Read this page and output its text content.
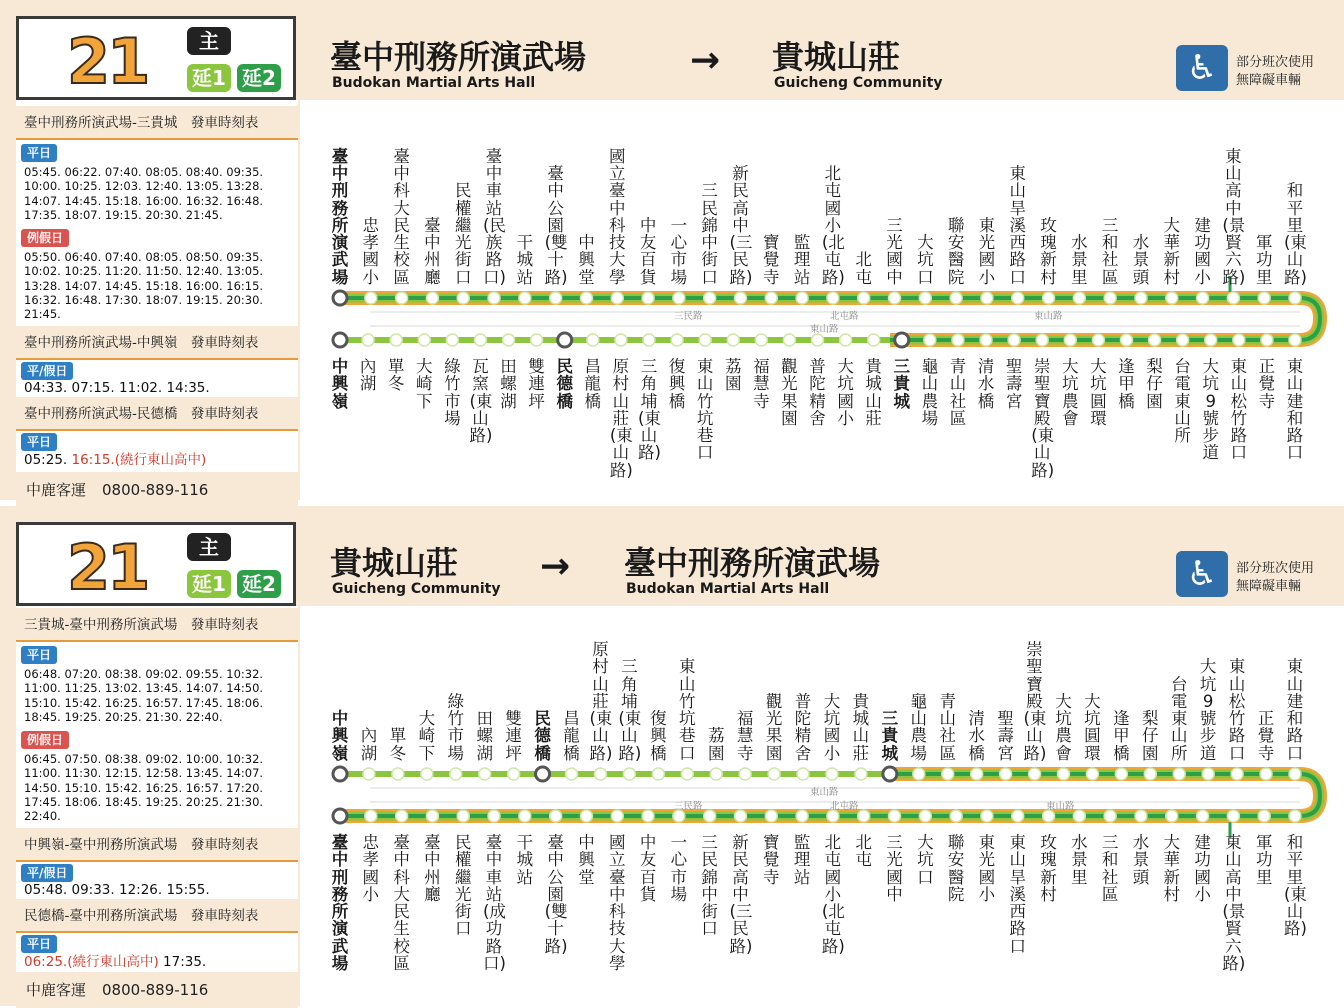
21	主
延1 延2
臺中刑務所演武場
Budokan Martial Arts Hall
→ 貴城山莊
Guicheng Community	♿	部分班次使用
無障礙車輛
臺中刑務所演武場-三貴城　發車時刻表
平日
05:45. 06:22. 07:40. 08:05. 08:40. 09:35.
10:00. 10:25. 12:03. 12:40. 13:05. 13:28.
14:07. 14:45. 15:18. 16:00. 16:32. 16:48.
17:35. 18:07. 19:15. 20:30. 21:45.
例假日
05:50. 06:40. 07:40. 08:05. 08:50. 09:35.
10:02. 10:25. 11:20. 11:50. 12:40. 13:05.
13:28. 14:07. 14:45. 15:18. 16:00. 16:15.
16:32. 16:48. 17:30. 18:07. 19:15. 20:30.
21:45.
臺中刑務所演武場-中興嶺　發車時刻表
平/假日
04:33. 07:15. 11:02. 14:35.
臺中刑務所演武場-民德橋　發車時刻表
平日
05:25. 16:15.(繞行東山高中)
中鹿客運 0800-889-116
三民路	北屯路
東山路
東山路
臺中刑務所演武場
忠孝國小
臺中科大民生校區
臺中州廳
民權繼光街口
臺中車站(民族路口)
干城站
臺中公園(雙十路)
中興堂
國立臺中科技大學
中友百貨
一心市場
三民錦中街口
新民高中(三民路)
寶覺寺
監理站
北屯國小(北屯路)
北屯
三光國中
大坑口
聯安醫院
東光國小
東山旱溪西路口
玫瑰新村
水景里
三和社區
水景頭
大華新村
建功國小
東山高中(景賢六路)
軍功里
和平里(東山路)
中興嶺
內湖
單冬
大崎下
綠竹市場
瓦窯(東山路)
田螺湖
雙連坪
民德橋
昌龍橋
原村山莊(東山路)
三角埔(東山路)
復興橋
東山竹坑巷口
荔園
福慧寺
觀光果園
普陀精舍
大坑國小
貴城山莊
三貴城
龜山農場
青山社區
清水橋
聖壽宮
崇聖寶殿(東山路)
大坑農會
大坑圓環
逢甲橋
梨仔園
台電東山所
大坑9號步道
東山松竹路口
正覺寺
東山建和路口
21	主
延1 延2
貴城山莊
Guicheng Community
→ 臺中刑務所演武場
Budokan Martial Arts Hall	♿	部分班次使用
無障礙車輛
三貴城-臺中刑務所演武場　發車時刻表
平日
06:48. 07:20. 08:38. 09:02. 09:55. 10:32.
11:00. 11:25. 13:02. 13:45. 14:07. 14:50.
15:10. 15:42. 16:25. 16:57. 17:45. 18:06.
18:45. 19:25. 20:25. 21:30. 22:40.
例假日
06:45. 07:50. 08:38. 09:02. 10:00. 10:32.
11:00. 11:30. 12:15. 12:58. 13:45. 14:07.
14:50. 15:10. 15:42. 16:25. 16:57. 17:20.
17:45. 18:06. 18:45. 19:25. 20:25. 21:30.
22:40.
中興嶺-臺中刑務所演武場　發車時刻表
平/假日
05:48. 09:33. 12:26. 15:55.
民德橋-臺中刑務所演武場　發車時刻表
平日
06:25.(繞行東山高中) 17:35.
中鹿客運 0800-889-116
東山路
北屯路
三民路	東山路
中興嶺
內湖
單冬
大崎下
綠竹市場
田螺湖
雙連坪
民德橋
昌龍橋
原村山莊(東山路)
三角埔(東山路)
復興橋
東山竹坑巷口
荔園
福慧寺
觀光果園
普陀精舍
大坑國小
貴城山莊
三貴城
龜山農場
青山社區
清水橋
聖壽宮
崇聖寶殿(東山路)
大坑農會
大坑圓環
逢甲橋
梨仔園
台電東山所
大坑9號步道
東山松竹路口
正覺寺
東山建和路口
臺中刑務所演武場
忠孝國小
臺中科大民生校區
臺中州廳
民權繼光街口
臺中車站(成功路口)
干城站
臺中公園(雙十路)
中興堂
國立臺中科技大學
中友百貨
一心市場
三民錦中街口
新民高中(三民路)
寶覺寺
監理站
北屯國小(北屯路)
北屯
三光國中
大坑口
聯安醫院
東光國小
東山旱溪西路口
玫瑰新村
水景里
三和社區
水景頭
大華新村
建功國小
東山高中(景賢六路)
軍功里
和平里(東山路)
